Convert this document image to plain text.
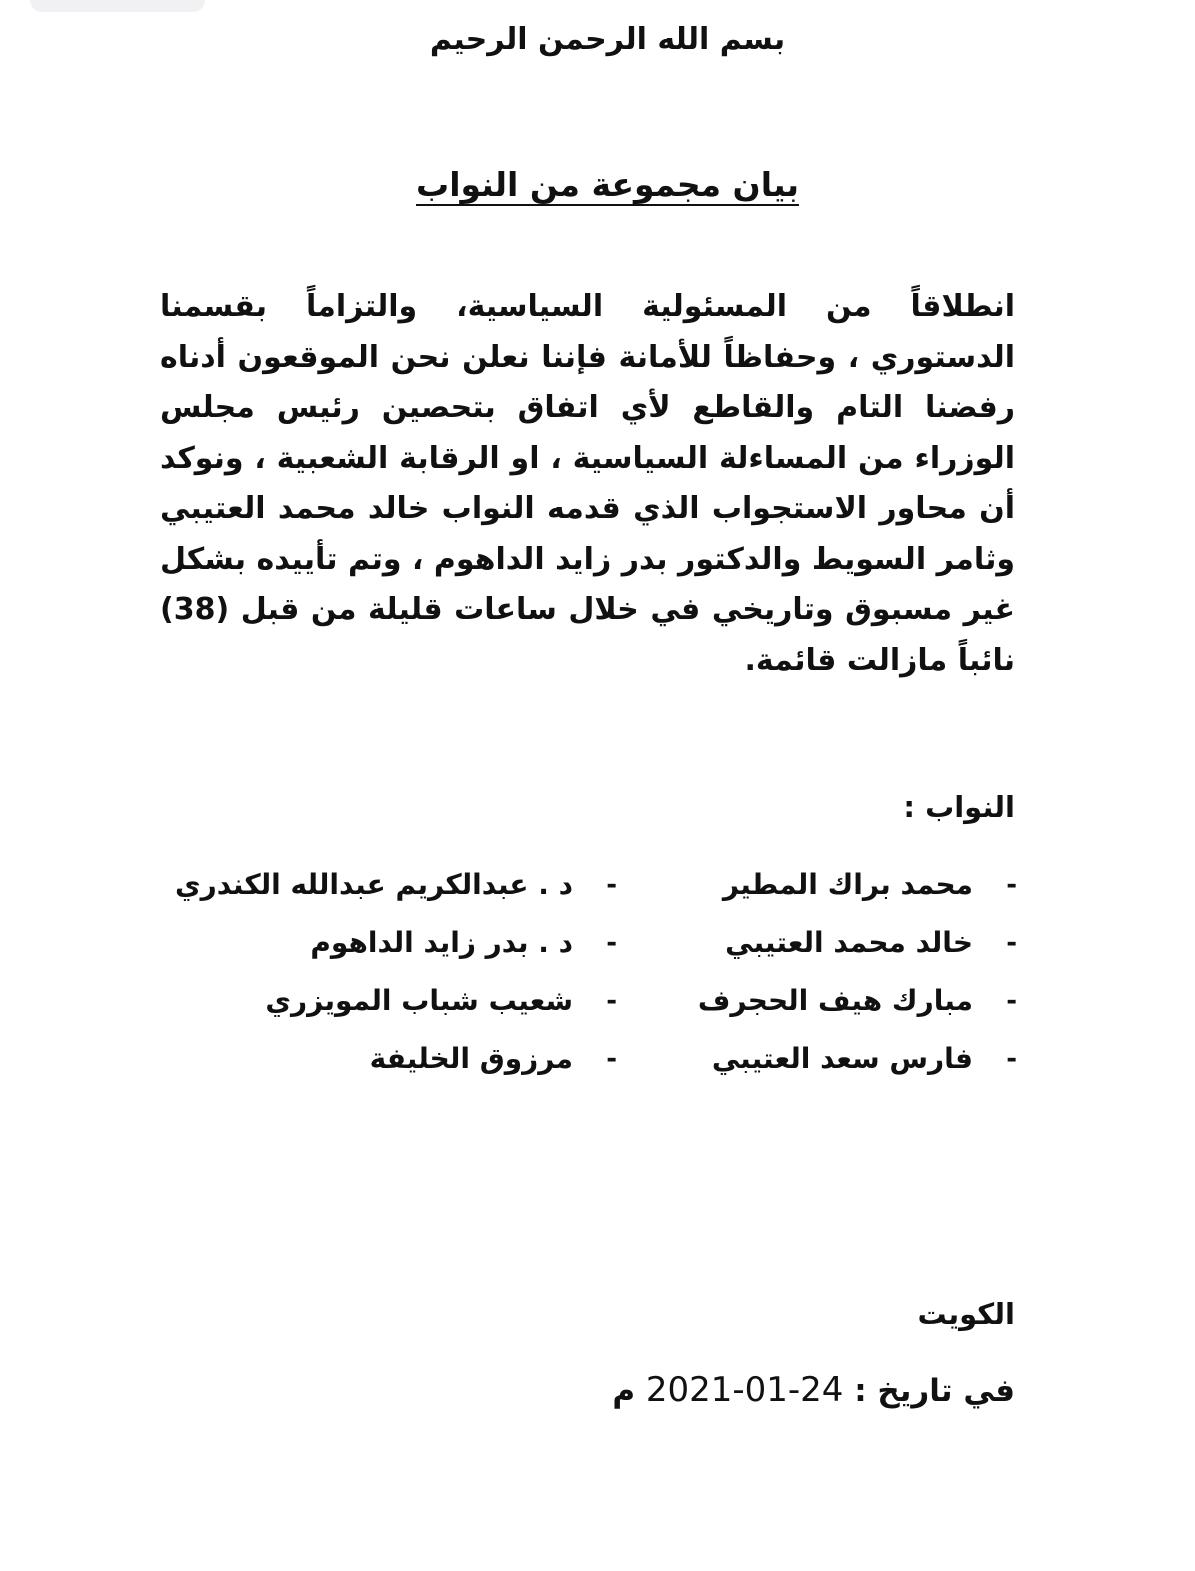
بسم الله الرحمن الرحيم
بيان مجموعة من النواب
انطلاقاً من المسئولية السياسية، والتزاماً بقسمنا الدستوري ، وحفاظاً للأمانة فإننا نعلن نحن الموقعون أدناه رفضنا التام والقاطع لأي اتفاق بتحصين رئيس مجلس الوزراء من المساءلة السياسية ، او الرقابة الشعبية ، ونوكد أن محاور الاستجواب الذي قدمه النواب خالد محمد العتيبي وثامر السويط والدكتور بدر زايد الداهوم ، وتم تأييده بشكل غير مسبوق وتاريخي في خلال ساعات قليلة من قبل (38) نائباً مازالت قائمة.
النواب :
-
محمد براك المطير
-
خالد محمد العتيبي
-
مبارك هيف الحجرف
-
فارس سعد العتيبي
-
د . عبدالكريم عبدالله الكندري
-
د . بدر زايد الداهوم
-
شعيب شباب المويزري
-
مرزوق الخليفة
الكويت
في تاريخ : 2021-01-24 م
